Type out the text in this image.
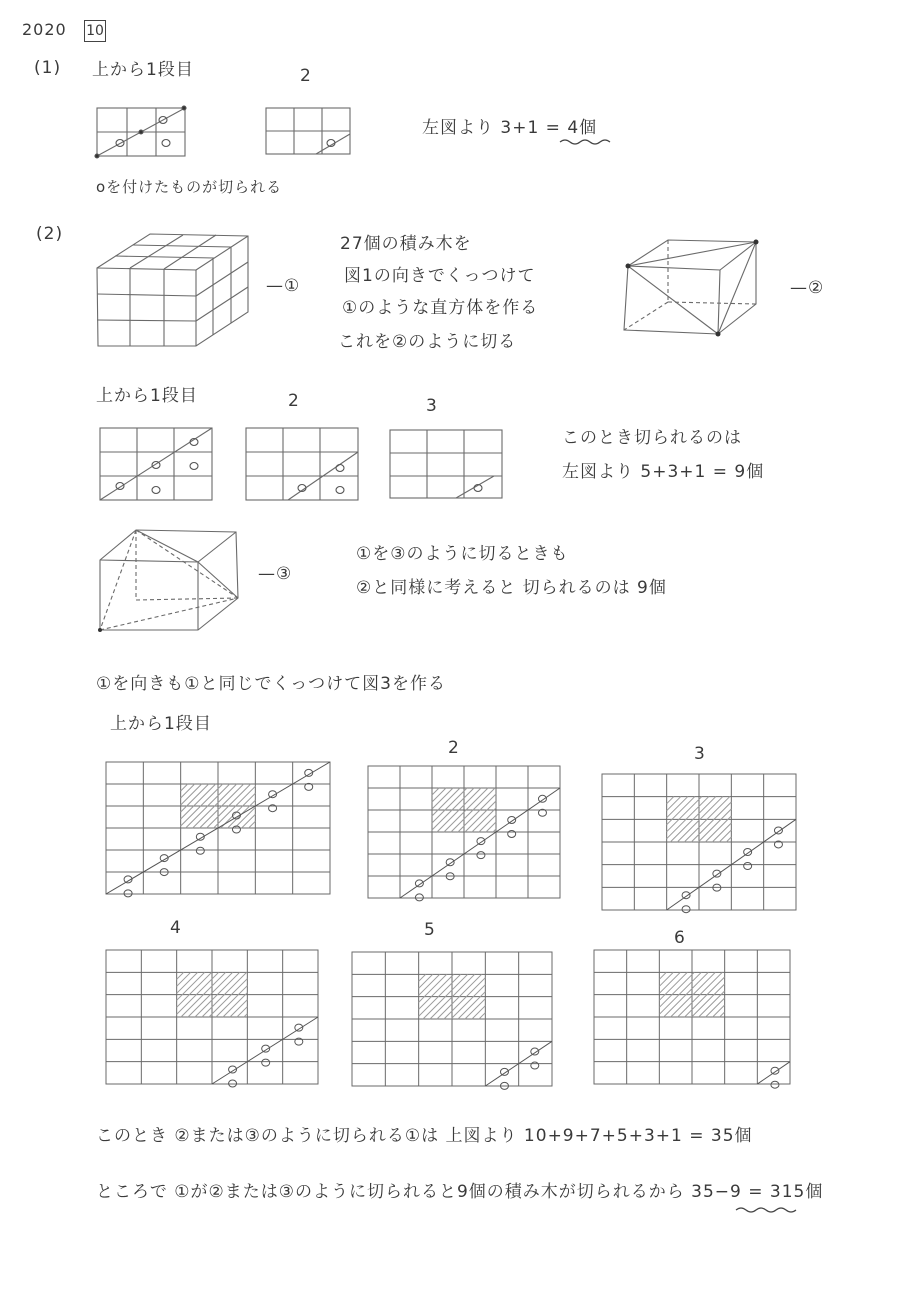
2020 10
(1) 上から1段目	2
左図より 3+1 = 4個
oを付けたものが切られる
(2)
—①	—②
—③
27個の積み木を
図1の向きでくっつけて
①のような直方体を作る
これを②のように切る
上から1段目	2	3
このとき切られるのは
左図より 5+3+1 = 9個
①を③のように切るときも
②と同様に考えると 切られるのは 9個
①を向きも①と同じでくっつけて図3を作る
上から1段目
2	3
4	5	6
このとき ②または③のように切られる①は 上図より 10+9+7+5+3+1 = 35個
ところで ①が②または③のように切られると9個の積み木が切られるから 35−9 = 315個
